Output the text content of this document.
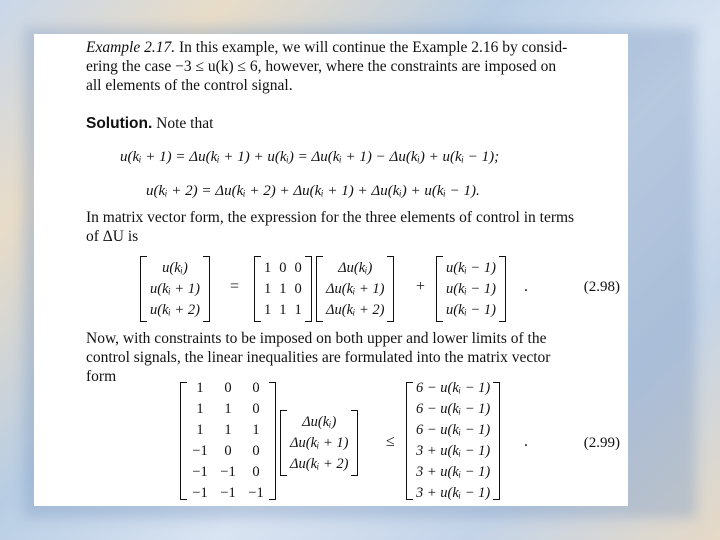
Example 2.17. In this example, we will continue the Example 2.16 by consid-
ering the case −3 ≤ u(k) ≤ 6, however, where the constraints are imposed on
all elements of the control signal.
Solution. Note that
u(kᵢ + 1) = Δu(kᵢ + 1) + u(kᵢ) = Δu(kᵢ + 1) − Δu(kᵢ) + u(kᵢ − 1);
u(kᵢ + 2) = Δu(kᵢ + 2) + Δu(kᵢ + 1) + Δu(kᵢ) + u(kᵢ − 1).
In matrix vector form, the expression for the three elements of control in terms
of ΔU is
u(kᵢ)
u(kᵢ + 1)
u(kᵢ + 2)
=
1 0 0
1 1 0
1 1 1
Δu(kᵢ)
Δu(kᵢ + 1)
Δu(kᵢ + 2)
+
u(kᵢ − 1)
u(kᵢ − 1)
u(kᵢ − 1)
.	(2.98)
Now, with constraints to be imposed on both upper and lower limits of the
control signals, the linear inequalities are formulated into the matrix vector
form
1	0	0
1	1	0
1	1	1
−1	0	0
−1 −1	0
−1 −1 −1
Δu(kᵢ)
Δu(kᵢ + 1)
Δu(kᵢ + 2)
≤
6 − u(kᵢ − 1)
6 − u(kᵢ − 1)
6 − u(kᵢ − 1)
3 + u(kᵢ − 1)
3 + u(kᵢ − 1)
3 + u(kᵢ − 1)
.	(2.99)
